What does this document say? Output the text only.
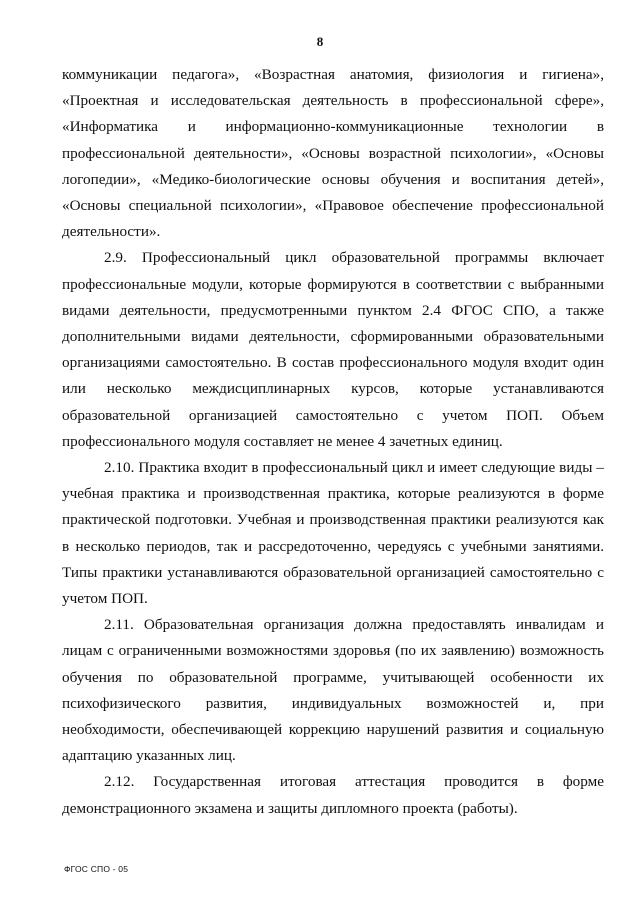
8

коммуникации педагога», «Возрастная анатомия, физиология и гигиена», «Проектная и исследовательская деятельность в профессиональной сфере», «Информатика и информационно-коммуникационные технологии в профессиональной деятельности», «Основы возрастной психологии», «Основы логопедии», «Медико-биологические основы обучения и воспитания детей», «Основы специальной психологии», «Правовое обеспечение профессиональной деятельности».

2.9. Профессиональный цикл образовательной программы включает профессиональные модули, которые формируются в соответствии с выбранными видами деятельности, предусмотренными пунктом 2.4 ФГОС СПО, а также дополнительными видами деятельности, сформированными образовательными организациями самостоятельно. В состав профессионального модуля входит один или несколько междисциплинарных курсов, которые устанавливаются образовательной организацией самостоятельно с учетом ПОП. Объем профессионального модуля составляет не менее 4 зачетных единиц.

2.10. Практика входит в профессиональный цикл и имеет следующие виды – учебная практика и производственная практика, которые реализуются в форме практической подготовки. Учебная и производственная практики реализуются как в несколько периодов, так и рассредоточенно, чередуясь с учебными занятиями. Типы практики устанавливаются образовательной организацией самостоятельно с учетом ПОП.

2.11. Образовательная организация должна предоставлять инвалидам и лицам с ограниченными возможностями здоровья (по их заявлению) возможность обучения по образовательной программе, учитывающей особенности их психофизического развития, индивидуальных возможностей и, при необходимости, обеспечивающей коррекцию нарушений развития и социальную адаптацию указанных лиц.

2.12. Государственная итоговая аттестация проводится в форме демонстрационного экзамена и защиты дипломного проекта (работы).

ФГОС СПО - 05
